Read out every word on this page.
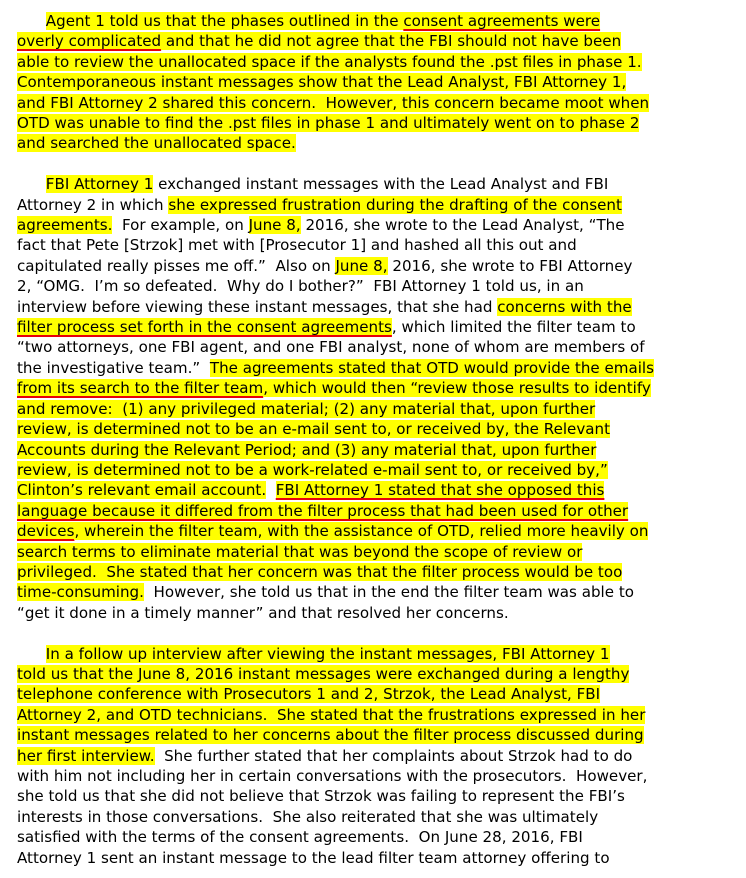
Agent 1 told us that the phases outlined in the consent agreements were

overly complicated and that he did not agree that the FBI should not have been

able to review the unallocated space if the analysts found the .pst files in phase 1.

Contemporaneous instant messages show that the Lead Analyst, FBI Attorney 1,

and FBI Attorney 2 shared this concern.  However, this concern became moot when

OTD was unable to find the .pst files in phase 1 and ultimately went on to phase 2

and searched the unallocated space.

FBI Attorney 1 exchanged instant messages with the Lead Analyst and FBI

Attorney 2 in which she expressed frustration during the drafting of the consent

agreements.  For example, on June 8, 2016, she wrote to the Lead Analyst, “The

fact that Pete [Strzok] met with [Prosecutor 1] and hashed all this out and

capitulated really pisses me off.”  Also on June 8, 2016, she wrote to FBI Attorney

2, “OMG.  I’m so defeated.  Why do I bother?”  FBI Attorney 1 told us, in an

interview before viewing these instant messages, that she had concerns with the

filter process set forth in the consent agreements, which limited the filter team to

“two attorneys, one FBI agent, and one FBI analyst, none of whom are members of

the investigative team.”  The agreements stated that OTD would provide the emails

from its search to the filter team, which would then “review those results to identify

and remove:  (1) any privileged material; (2) any material that, upon further

review, is determined not to be an e-mail sent to, or received by, the Relevant

Accounts during the Relevant Period; and (3) any material that, upon further

review, is determined not to be a work-related e-mail sent to, or received by,”

Clinton’s relevant email account. FBI Attorney 1 stated that she opposed this

language because it differed from the filter process that had been used for other

devices, wherein the filter team, with the assistance of OTD, relied more heavily on

search terms to eliminate material that was beyond the scope of review or

privileged.  She stated that her concern was that the filter process would be too

time-consuming.  However, she told us that in the end the filter team was able to

“get it done in a timely manner” and that resolved her concerns.

In a follow up interview after viewing the instant messages, FBI Attorney 1

told us that the June 8, 2016 instant messages were exchanged during a lengthy

telephone conference with Prosecutors 1 and 2, Strzok, the Lead Analyst, FBI

Attorney 2, and OTD technicians.  She stated that the frustrations expressed in her

instant messages related to her concerns about the filter process discussed during

her first interview.  She further stated that her complaints about Strzok had to do

with him not including her in certain conversations with the prosecutors.  However,

she told us that she did not believe that Strzok was failing to represent the FBI’s

interests in those conversations.  She also reiterated that she was ultimately

satisfied with the terms of the consent agreements.  On June 28, 2016, FBI

Attorney 1 sent an instant message to the lead filter team attorney offering to
